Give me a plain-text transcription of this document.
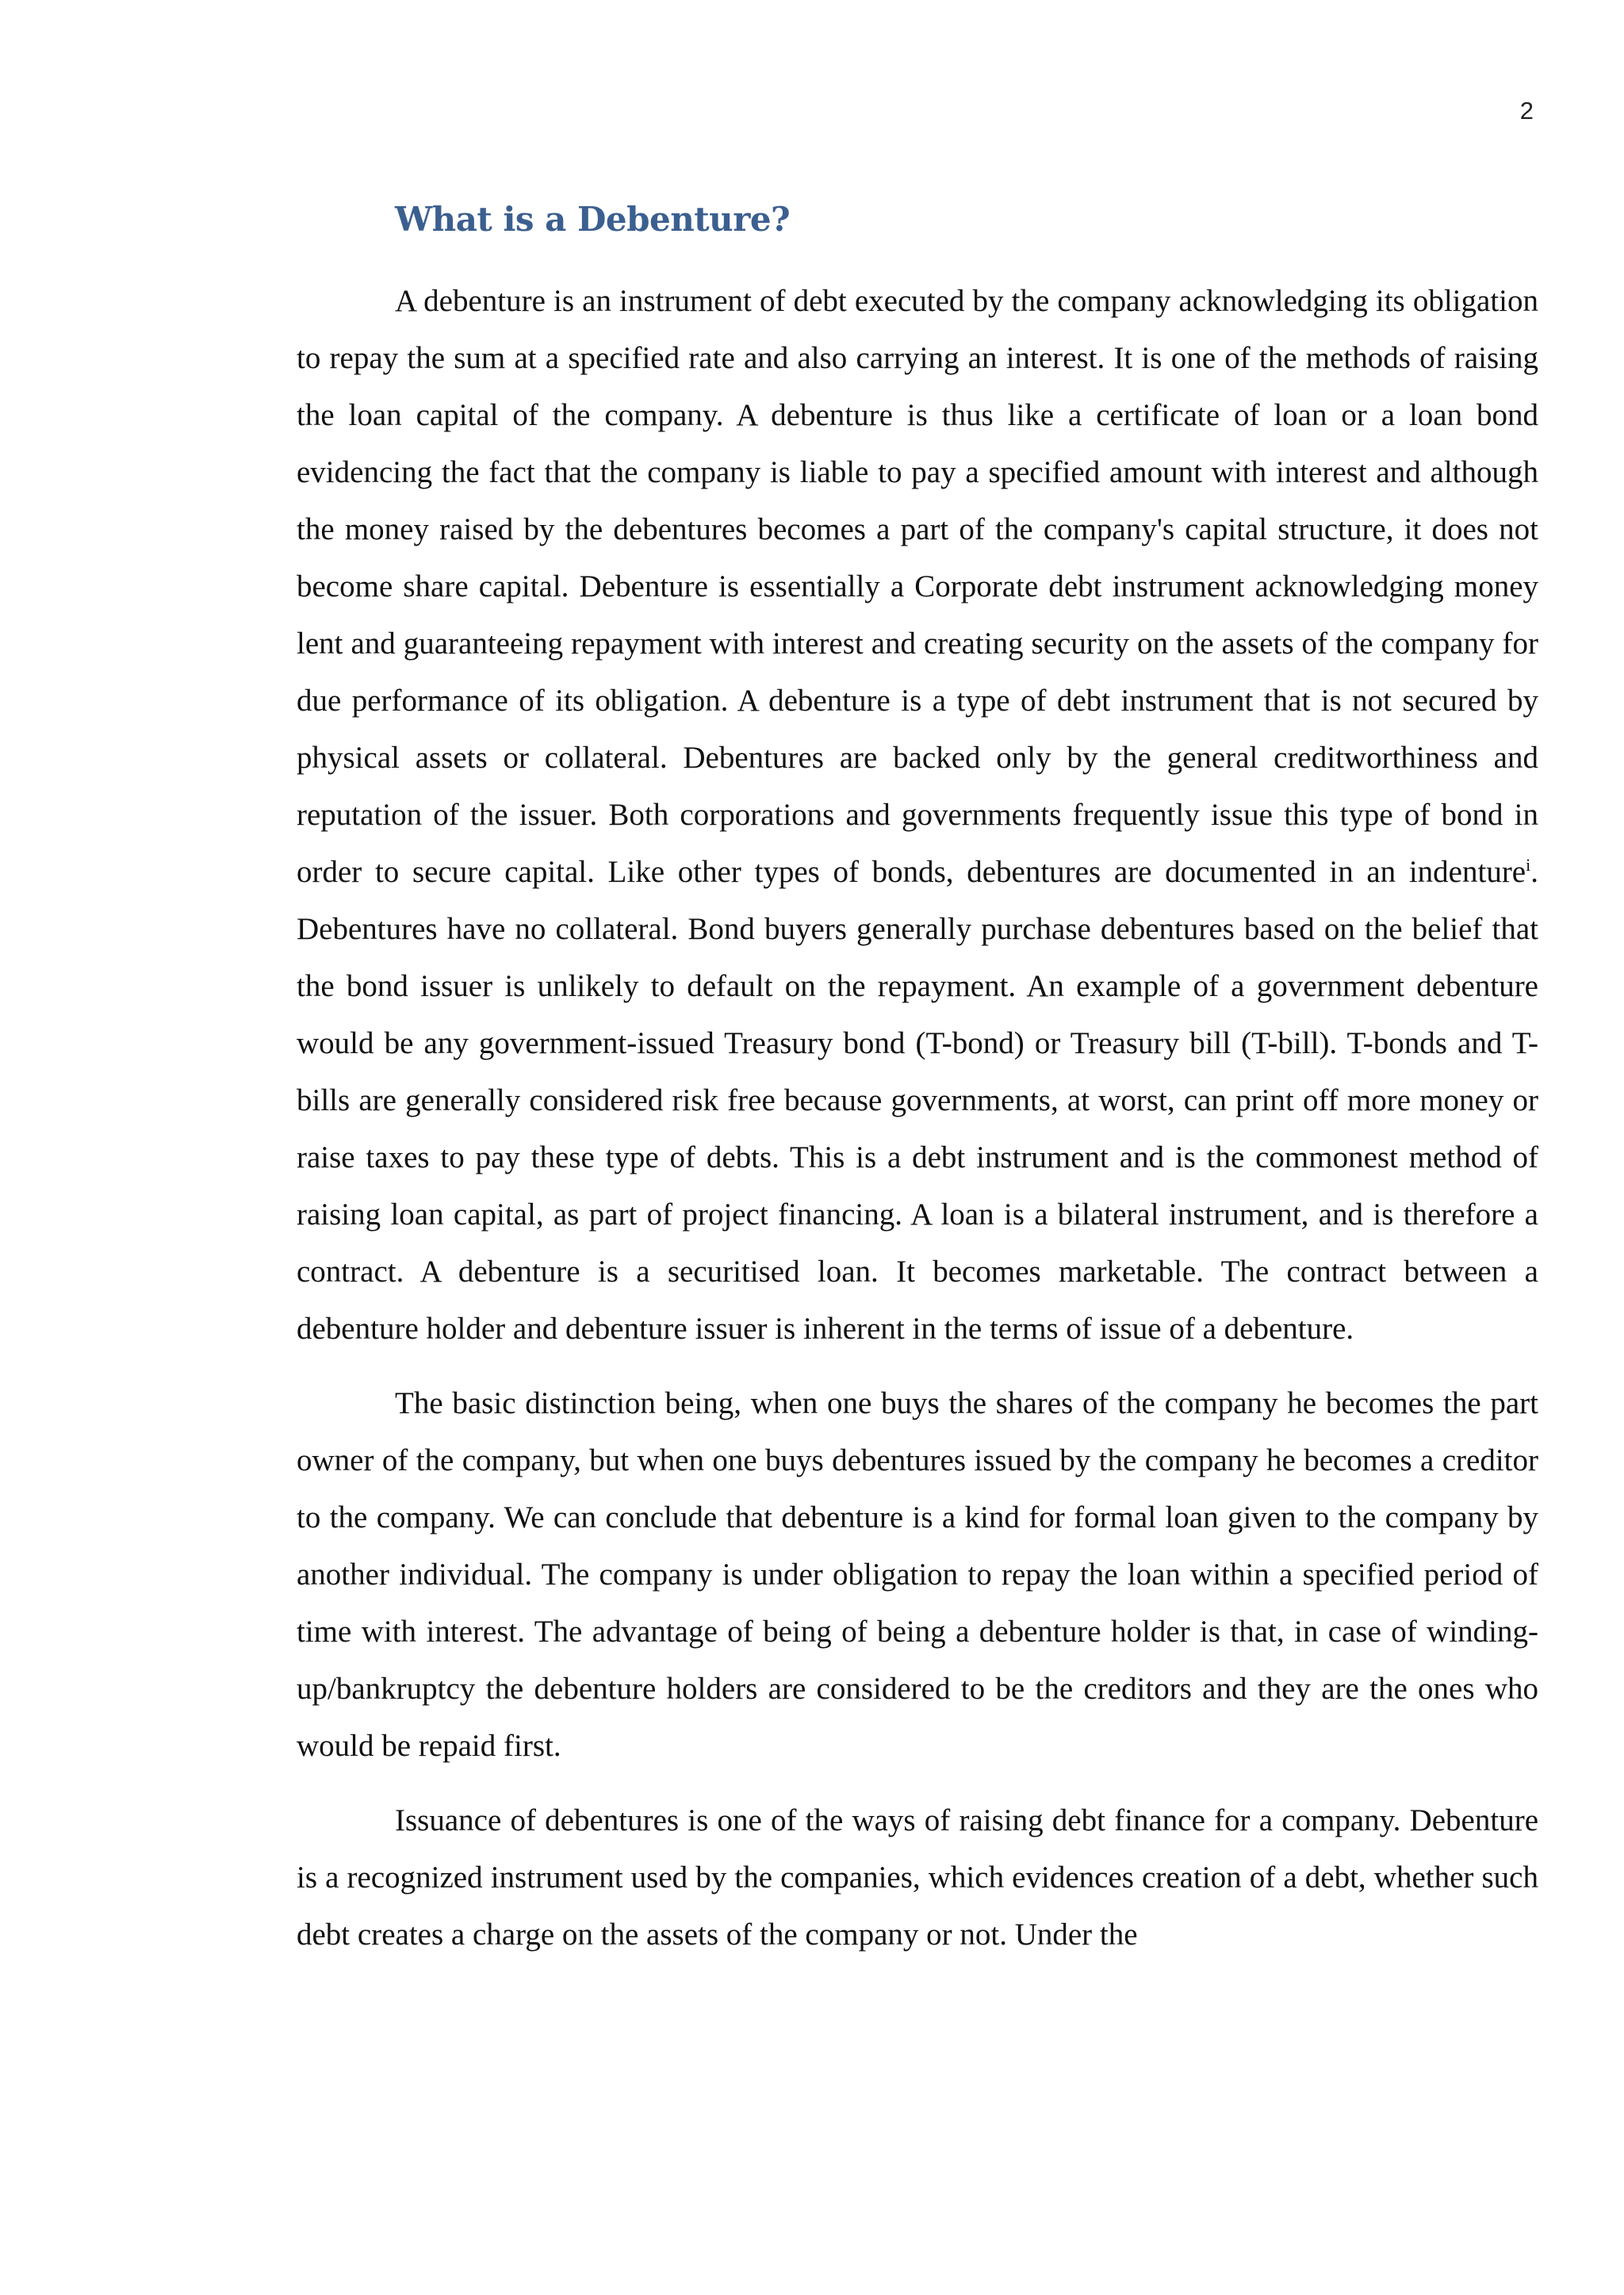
2
What is a Debenture?

A debenture is an instrument of debt executed by the company acknowledging its obligation to repay the sum at a specified rate and also carrying an interest. It is one of the methods of raising the loan capital of the company. A debenture is thus like a certificate of loan or a loan bond evidencing the fact that the company is liable to pay a specified amount with interest and although the money raised by the debentures becomes a part of the company's capital structure, it does not become share capital. Debenture is essentially a Corporate debt instrument acknowledging money lent and guaranteeing repayment with interest and creating security on the assets of the company for due performance of its obligation. A debenture is a type of debt instrument that is not secured by physical assets or collateral. Debentures are backed only by the general creditworthiness and reputation of the issuer. Both corporations and governments frequently issue this type of bond in order to secure capital. Like other types of bonds, debentures are documented in an indenture$^i$. Debentures have no collateral. Bond buyers generally purchase debentures based on the belief that the bond issuer is unlikely to default on the repayment. An example of a government debenture would be any government-issued Treasury bond (T-bond) or Treasury bill (T-bill). T-bonds and T-bills are generally considered risk free because governments, at worst, can print off more money or raise taxes to pay these type of debts. This is a debt instrument and is the commonest method of raising loan capital, as part of project financing. A loan is a bilateral instrument, and is therefore a contract. A debenture is a securitised loan. It becomes marketable. The contract between a debenture holder and debenture issuer is inherent in the terms of issue of a debenture.

The basic distinction being, when one buys the shares of the company he becomes the part owner of the company, but when one buys debentures issued by the company he becomes a creditor to the company. We can conclude that debenture is a kind for formal loan given to the company by another individual. The company is under obligation to repay the loan within a specified period of time with interest. The advantage of being of being a debenture holder is that, in case of winding-up/bankruptcy the debenture holders are considered to be the creditors and they are the ones who would be repaid first.

Issuance of debentures is one of the ways of raising debt finance for a company. Debenture is a recognized instrument used by the companies, which evidences creation of a debt, whether such debt creates a charge on the assets of the company or not. Under the
